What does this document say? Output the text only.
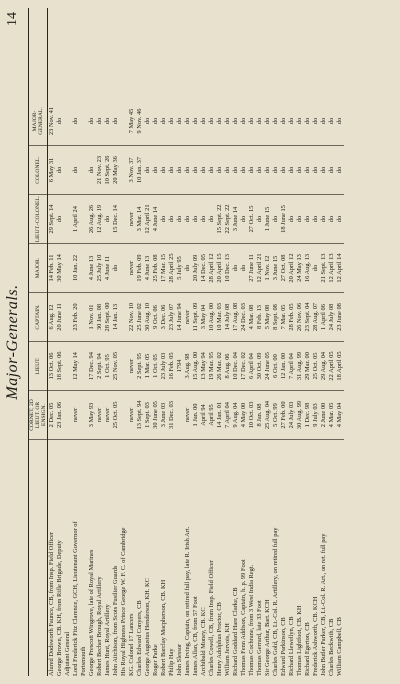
Major-Generals.
14
CORNET, 2D LIEUT. OR ENSIGN.
LIEUT.
CAPTAIN.
MAJOR.
LIEUT.-COLONEL.
COLONEL.
MAJOR-GENERAL.
Alured Dodsworth Faunce, CB, from Insp. Field Officer
2 Dec. 05
13 Oct. 06
6 Aug. 12
14 Feb. 11
29 Sept. 14
6 May 31
23 Nov. 41
George Brown, CB. KH, from Rifle Brigade, Deputy
23 Jan. 06
18 Sept. 06
20 June 11
30 May 14
do
do
do
Adjutant General Lord Frederick Fitz Clarence, GCH, Lieutenant Governor of
never
12 May 14
23 Feb. 20
10 Jan. 22
1 April 24
do
do
Portsmouth George Prescott Wingrove, late of Royal Marines
3 May 93
17 Dec. 94
1 Nov. 01
4 June 13
26 Aug. 26
do
do
Robert Becher Brough, Royal Artillery
never
2 Sept. 94
30 Jan. 08
25 July 10
12 Aug. 19
21 Nov. 23
do
James Hunt, Royal Artillery
never
1 Oct. 95
28 Sept. 00
4 June 11
do
10 Sept. 26
do
John Aitchison, from Scots Fusilier Guards
25 Oct. 05
25 Nov. 05
14 Jan. 13
do
15 Dec. 14
20 May 36
do
His Royal Highness Prince George W. F. C. of Cambridge KG. Colonel 17 Lancers
never
never
22 Nov. 10
never
never
3 Nov. 37
7 May 45
Charles Edward Conyers, CB
13 Sept. 94
2 Sept. 95
25 June 02
19 Feb. 09
3 Mar. 14
10 Jan. 37
9 Nov. 46
George Augustus Henderson, KH. KC
1 Sept. 03
1 Mar. 05
30 Aug. 10
4 June 13
12 April 21
do
do
Roger Parke
30 June 05
1 Oct. 05
9 Oct. 06
25 Feb. 08
4 June 14
do
do
Robert Barclay Macpherson, CB. KH
3 June 03
23 July 03
3 Dec. 06
17 Mar. 15
do
do
do
Philip Hay
31 Dec. 03
16 Feb. 05
23 July 07
28 April 25
do
do
do
John Slessor
1794
14 June 94
5 July 95
do
do
do
James Irving, Captain, on retired full pay, late R. Irish Art.
never
3 Aug. 98
never
do
do
do
do
James Allan, CB, from 57 Foot
1 Jan. 00
15 Aug. 00
11 Sept. 09
20 July 09
do
do
do
Archibald Money, CB. KC
April 94
13 May 94
3 May 04
14 Dec. 05
do
do
do
Charles Cowell, CB, from Insp. Field Officer
April 95
19 Mar. 95
10 Aug. 00
28 April 12
do
do
do
Henry Adolphus Proctor, CB
14 Jan. 01
26 Mar. 02
10 Mar. 03
20 April 15
15 Sept. 22
do
do
William Jervois, KH
7 April 04
8 Aug. 06
14 July 08
10 Dec. 13
22 Sept. 22
do
do
Richard Goddard Hare Clarke, CB
9 Aug. 04
10 Dec. 04
17 Aug. 08
do
3 June 14
do
do
Thomas Fenn Addison, Captain, h. p. 99 Foot
4 May 00
17 Dec. 02
24 Dec. 03
do
do
do
do
Thomas Cochrane, from 3 West India Regt.
10 Oct. 03
6 April 04
4 Mar. 08
27 June 11
27 Oct. 15
do
do
Thomas Gerrard, late 33 Foot
8 Jan. 08
30 Oct. 09
8 Feb. 13
12 April 21
do
do
do
Sir George Arthur, Bart. KCH
25 Aug. 04
24 June 05
5 May 08
1 Nov. 12
1 June 15
do
do
Charles Gold, CB, Lt.-Col. R. Artillery, on retired full pay
5 Oct. 99
6 Oct. 00
8 Sept. 08
3 June 15
do
do
do
Edward Parkinson, CB
27 Feb. 00
12 Jan. 00
7 Mar. 05
27 Oct. 08
18 June 15
do
do
Richard Llewellyn, CB
24 July 03
7 April 04
28 Feb. 05
20 April 12
do
do
do
Thomas Lightfoot, CB. KH
30 Aug. 99
31 Aug. 99
26 Nov. 06
24 May 13
do
do
do
Richard Egerton, CB
1 Dec. 98
29 Mar. 00
23 Sept. 04
16 Aug. 13
do
do
do
Frederick Ashworth, CB. KCH
9 July 03
25 Oct. 05
28 Aug. 07
do
do
do
do
John Butler Parker, CB, Lt.-Col. R. Art., on ret. full pay
2 June 00
29 Aug. 04
1 April 06
21 Sept. 13
do
do
do
Charles Beckwith, CB
4 Mar. 05
22 April 05
24 July 08
12 April 13
do
do
do
William Campbell, CB
4 May 04
18 April 05
23 June 08
12 April 14
do
do
do
